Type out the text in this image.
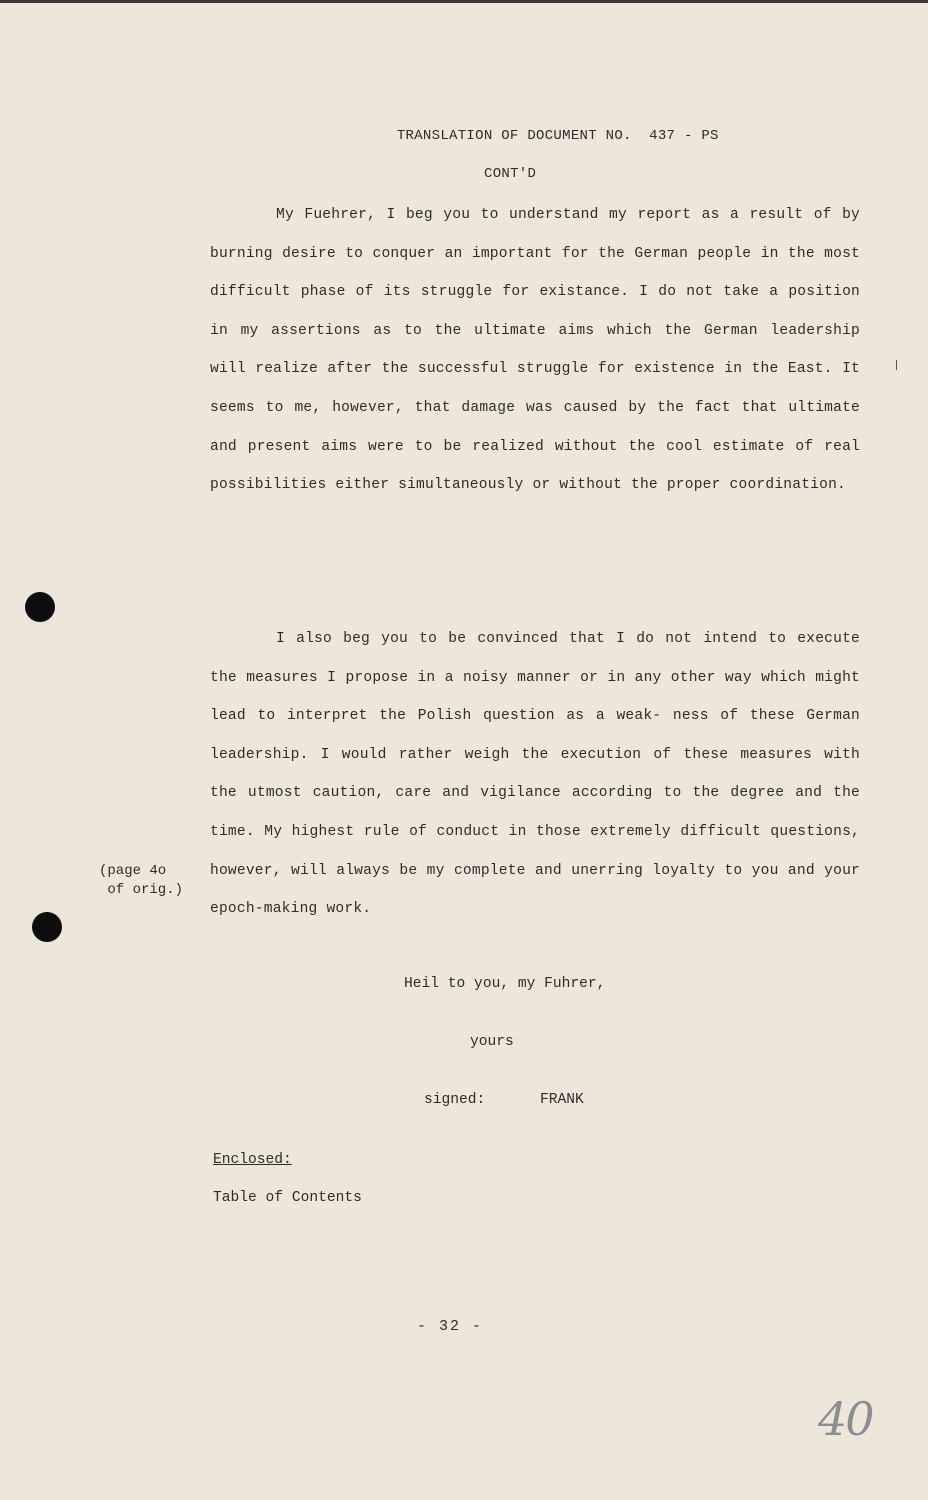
TRANSLATION OF DOCUMENT NO.  437 - PS

CONT'D

My Fuehrer, I beg you to understand my report as a result of by burning desire to conquer an important for the German people in the most difficult phase of its struggle for existance. I do not take a position in my assertions as to the ultimate aims which the German leadership will realize after the successful struggle for existence in the East. It seems to me, however, that damage was caused by the fact that ultimate and present aims were to be realized without the cool estimate of real possibilities either simultaneously or without the proper coordination.
I also beg you to be convinced that I do not intend to execute the measures I propose in a noisy manner or in any other way which might lead to interpret the Polish question as a weak- ness of these German leadership. I would rather weigh the execution of these measures with the utmost caution, care and vigilance according to the degree and the time. My highest rule of conduct in those extremely difficult questions, however, will always be my complete and unerring loyalty to you and your epoch-making work.
(page 4o
of orig.)
Heil to you, my Fuhrer,
yours
signed:	FRANK
Enclosed:
Table of Contents
- 32 -
40
